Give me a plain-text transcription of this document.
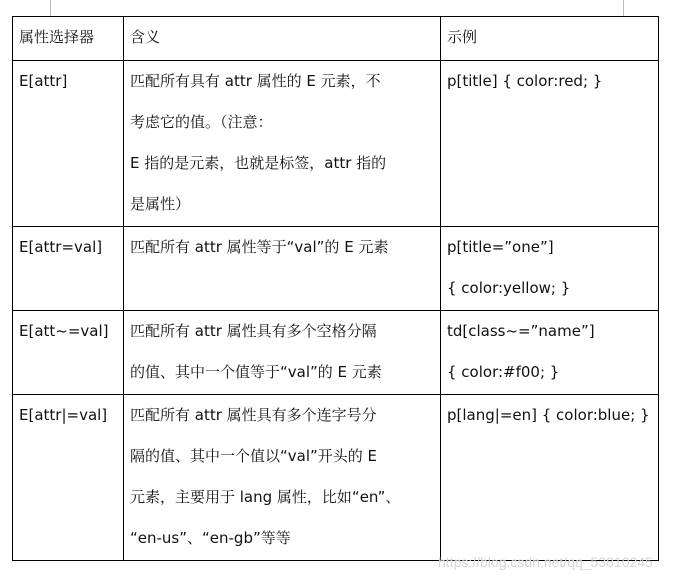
属性选择器	含义	示例
E[attr]	匹配所有具有 attr 属性的 E 元素，不
考虑它的值。（注意：
E 指的是元素，也就是标签，attr 指的
是属性）	p[title] { color:red; }

E[attr=val]	匹配所有 attr 属性等于“val”的 E 元素	p[title=”one”]
{ color:yellow; }

E[att~=val]	匹配所有 attr 属性具有多个空格分隔
的值、其中一个值等于“val”的 E 元素	td[class~=”name”]
{ color:#f00; }

E[attr|=val]	匹配所有 attr 属性具有多个连字号分
隔的值、其中一个值以“val”开头的 E
元素，主要用于 lang 属性，比如“en”、
“en-us”、“en-gb”等等	p[lang|=en] { color:blue; }
https://blog.csdn.net/qq_53810245
